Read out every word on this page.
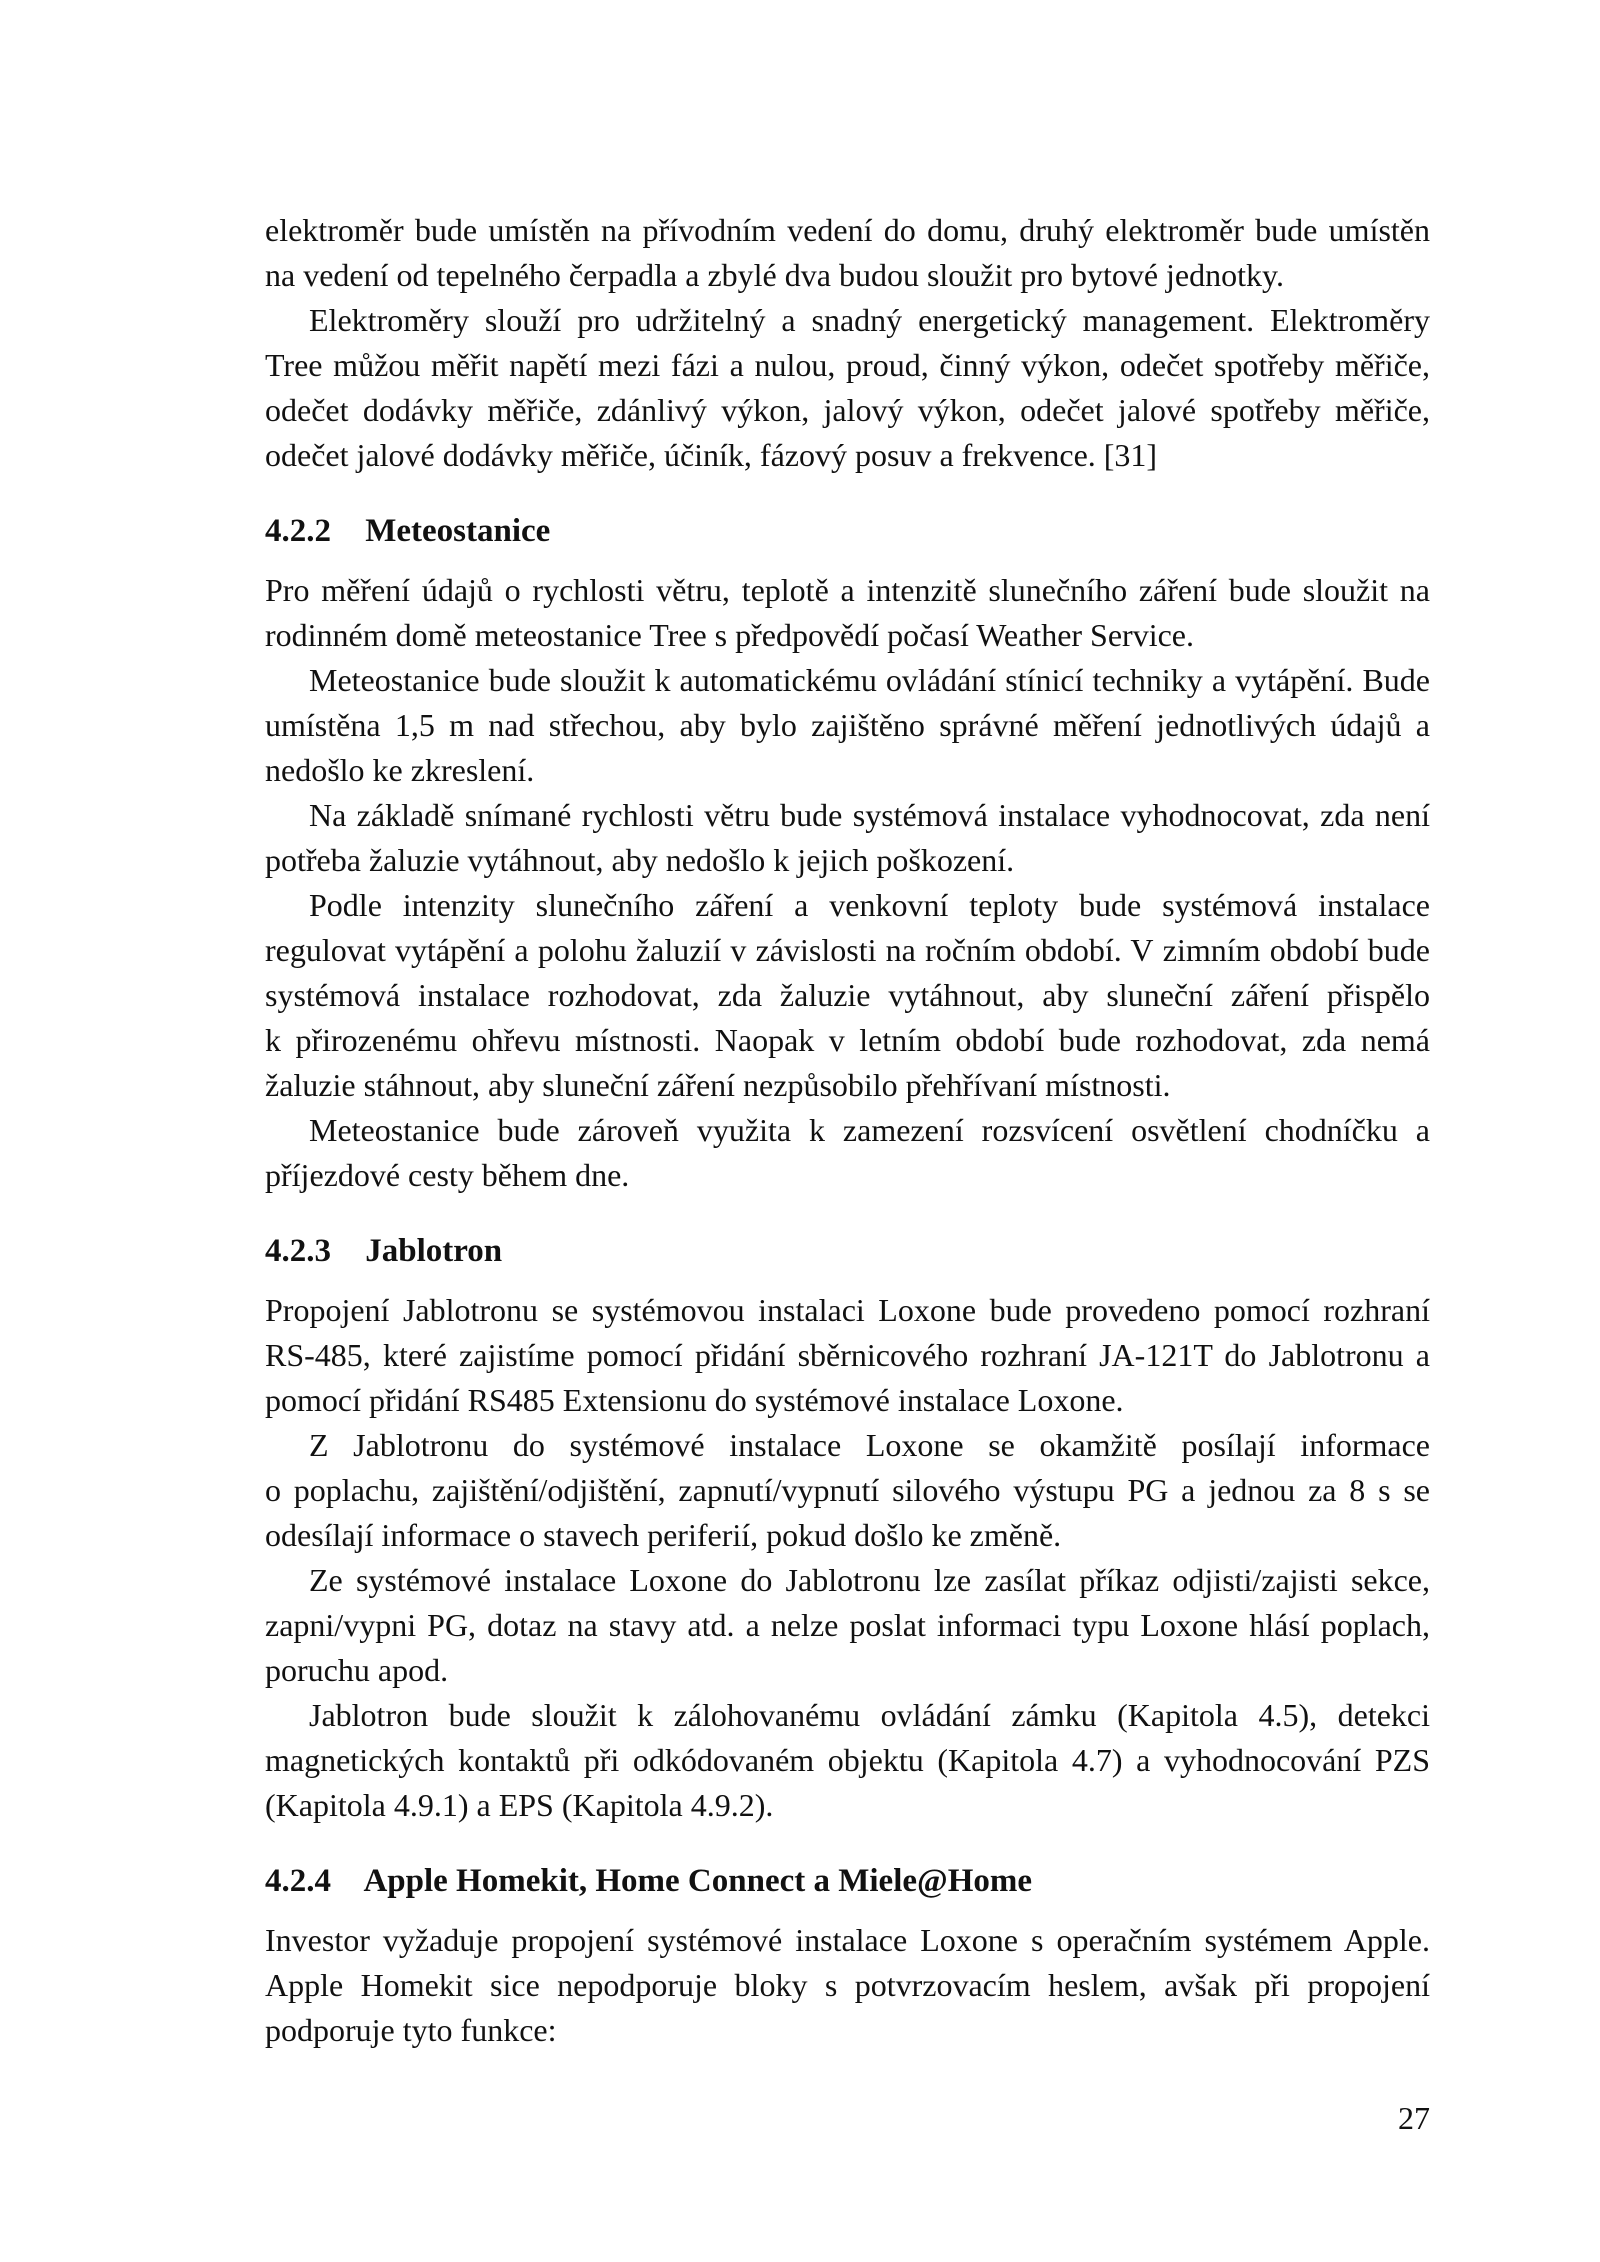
elektroměr bude umístěn na přívodním vedení do domu, druhý elektroměr bude umístěn na vedení od tepelného čerpadla a zbylé dva budou sloužit pro bytové jednotky.

Elektroměry slouží pro udržitelný a snadný energetický management. Elektroměry Tree můžou měřit napětí mezi fázi a nulou, proud, činný výkon, odečet spotřeby měřiče, odečet dodávky měřiče, zdánlivý výkon, jalový výkon, odečet jalové spotřeby měřiče, odečet jalové dodávky měřiče, účiník, fázový posuv a frekvence. [31]

4.2.2 Meteostanice

Pro měření údajů o rychlosti větru, teplotě a intenzitě slunečního záření bude sloužit na rodinném domě meteostanice Tree s předpovědí počasí Weather Service.

Meteostanice bude sloužit k automatickému ovládání stínicí techniky a vytápění. Bude umístěna 1,5 m nad střechou, aby bylo zajištěno správné měření jednotlivých údajů a nedošlo ke zkreslení.

Na základě snímané rychlosti větru bude systémová instalace vyhodnocovat, zda není potřeba žaluzie vytáhnout, aby nedošlo k jejich poškození.

Podle intenzity slunečního záření a venkovní teploty bude systémová instalace regulovat vytápění a polohu žaluzií v závislosti na ročním období. V zimním období bude systémová instalace rozhodovat, zda žaluzie vytáhnout, aby sluneční záření přispělo k přirozenému ohřevu místnosti. Naopak v letním období bude rozhodovat, zda nemá žaluzie stáhnout, aby sluneční záření nezpůsobilo přehřívaní místnosti.

Meteostanice bude zároveň využita k zamezení rozsvícení osvětlení chodníčku a příjezdové cesty během dne.

4.2.3 Jablotron

Propojení Jablotronu se systémovou instalaci Loxone bude provedeno pomocí rozhraní RS-485, které zajistíme pomocí přidání sběrnicového rozhraní JA-121T do Jablotronu a pomocí přidání RS485 Extensionu do systémové instalace Loxone.

Z Jablotronu do systémové instalace Loxone se okamžitě posílají informace o poplachu, zajištění/odjištění, zapnutí/vypnutí silového výstupu PG a jednou za 8 s se odesílají informace o stavech periferií, pokud došlo ke změně.

Ze systémové instalace Loxone do Jablotronu lze zasílat příkaz odjisti/zajisti sekce, zapni/vypni PG, dotaz na stavy atd. a nelze poslat informaci typu Loxone hlásí poplach, poruchu apod.

Jablotron bude sloužit k zálohovanému ovládání zámku (Kapitola 4.5), detekci magnetických kontaktů při odkódovaném objektu (Kapitola 4.7) a vyhodnocování PZS (Kapitola 4.9.1) a EPS (Kapitola 4.9.2).

4.2.4 Apple Homekit, Home Connect a Miele@Home

Investor vyžaduje propojení systémové instalace Loxone s operačním systémem Apple. Apple Homekit sice nepodporuje bloky s potvrzovacím heslem, avšak při propojení podporuje tyto funkce:

27
